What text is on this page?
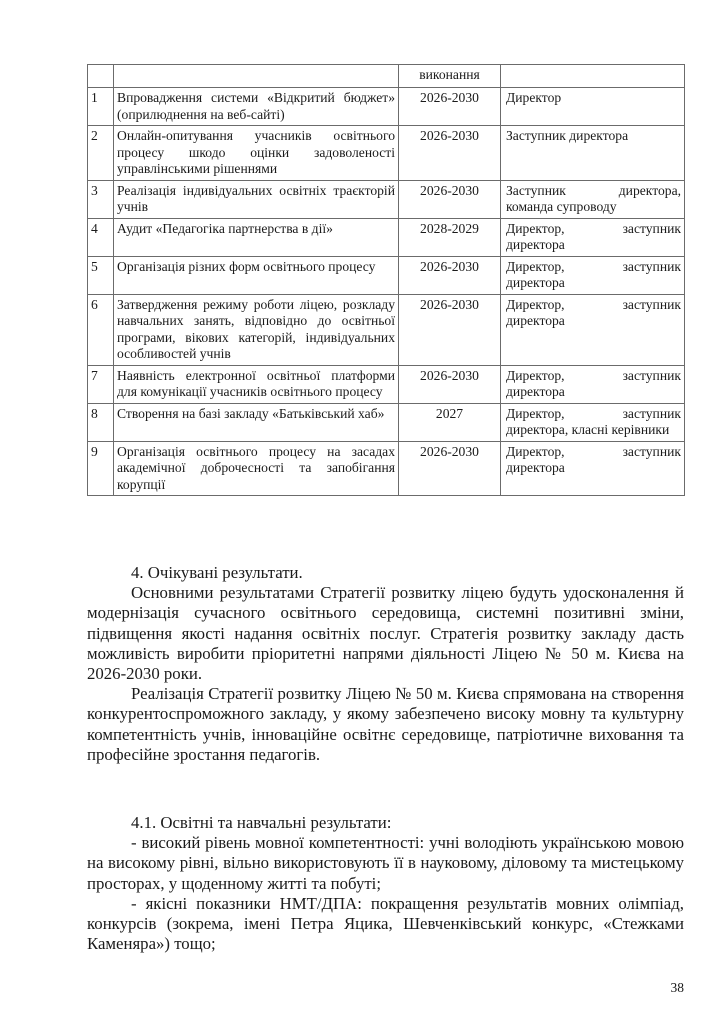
		виконання	
1	Впровадження системи «Відкритий бюджет» (оприлюднення на веб-сайті)	2026-2030	Директор
2	Онлайн-опитування учасників освітнього процесу шкодо оцінки задоволеності управлінськими рішеннями	2026-2030	Заступник директора
3	Реалізація індивідуальних освітніх траєкторій учнів	2026-2030	Заступник директора, команда супроводу
4	Аудит «Педагогіка партнерства в дії»	2028-2029	Директор, заступник директора
5	Організація різних форм освітнього процесу	2026-2030	Директор, заступник директора
6	Затвердження режиму роботи ліцею, розкладу навчальних занять, відповідно до освітньої програми, вікових категорій, індивідуальних особливостей учнів	2026-2030	Директор, заступник директора
7	Наявність електронної освітньої платформи для комунікації учасників освітнього процесу	2026-2030	Директор, заступник директора
8	Створення на базі закладу «Батьківський хаб»	2027	Директор, заступник директора, класні керівники
9	Організація освітнього процесу на засадах академічної доброчесності та запобігання корупції	2026-2030	Директор, заступник директора

4. Очікувані результати.

Основними результатами Стратегії розвитку ліцею будуть удосконалення й модернізація сучасного освітнього середовища, системні позитивні зміни, підвищення якості надання освітніх послуг. Стратегія розвитку закладу дасть можливість виробити пріоритетні напрями діяльності Ліцею № 50 м. Києва на 2026-2030 роки.

Реалізація Стратегії розвитку Ліцею № 50 м. Києва спрямована на створення конкурентоспроможного закладу, у якому забезпечено високу мовну та культурну компетентність учнів, інноваційне освітнє середовище, патріотичне виховання та професійне зростання педагогів.

4.1. Освітні та навчальні результати:

- високий рівень мовної компетентності: учні володіють українською мовою на високому рівні, вільно використовують її в науковому, діловому та мистецькому просторах, у щоденному житті та побуті;

- якісні показники НМТ/ДПА: покращення результатів мовних олімпіад, конкурсів (зокрема, імені Петра Яцика, Шевченківський конкурс, «Стежками Каменяра») тощо;

38
